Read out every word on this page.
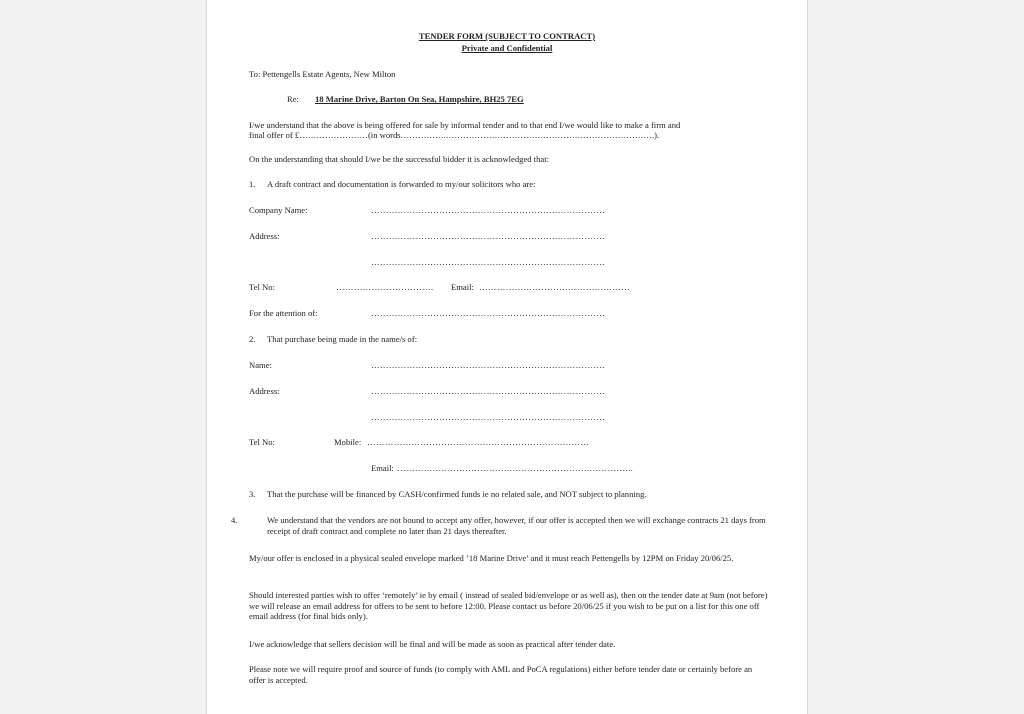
TENDER FORM (SUBJECT TO CONTRACT)
Private and Confidential
To: Pettengells Estate Agents, New Milton
Re: 18 Marine Drive, Barton On Sea, Hampshire, BH25 7EG
I/we understand that the above is being offered for sale by informal tender and to that end I/we would like to make a firm and
final offer of £……………………(in words…………….……………………………………………………………….).
On the understanding that should I/we be the successful bidder it is acknowledged that:
1. A draft contract and documentation is forwarded to my/our solicitors who are:
Company Name:	…………………………………………………………………….
Address:	…………………………………………………………………….
…………………………………………………………………….
Tel No:	…………………………… Email: ……………………………………………
For the attention of:	…………………………………………………………………….
2. That purchase being made in the name/s of:
Name:	…………………………………………………………………….
Address:	…………………………………………………………………….
…………………………………………………………………….
Tel No:	Mobile: …………………………………………………………………
Email: ……………………………………………………………………..
3. That the purchase will be financed by CASH/confirmed funds ie no related sale, and NOT subject to planning.
4.	We understand that the vendors are not bound to accept any offer, however, if our offer is accepted then we will exchange contracts 21 days from receipt of draft contract and complete no later than 21 days thereafter.
My/our offer is enclosed in a physical sealed envelope marked ’18 Marine Drive’ and it must reach Pettengells by 12PM on Friday 20/06/25.
Should interested parties wish to offer ‘remotely’ ie by email ( instead of sealed bid/envelope or as well as), then on the tender date at 9am (not before) we will release an email address for offers to be sent to before 12:00. Please contact us before 20/06/25 if you wish to be put on a list for this one off email address (for final bids only).
I/we acknowledge that sellers decision will be final and will be made as soon as practical after tender date.
Please note we will require proof and source of funds (to comply with AML and PoCA regulations) either before tender date or certainly before an offer is accepted.
